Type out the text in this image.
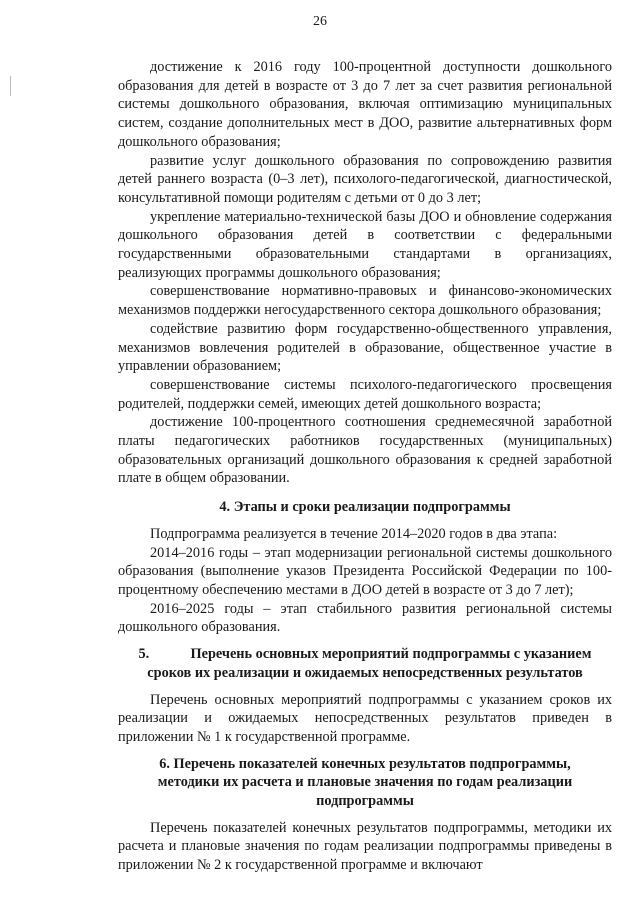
26

достижение к 2016 году 100-процентной доступности дошкольного образования для детей в возрасте от 3 до 7 лет за счет развития региональной системы дошкольного образования, включая оптимизацию муниципальных систем, создание дополнительных мест в ДОО, развитие альтернативных форм дошкольного образования;

развитие услуг дошкольного образования по сопровождению развития детей раннего возраста (0–3 лет), психолого-педагогической, диагностической, консультативной помощи родителям с детьми от 0 до 3 лет;

укрепление материально-технической базы ДОО и обновление содержания дошкольного образования детей в соответствии с федеральными государственными образовательными стандартами в организациях, реализующих программы дошкольного образования;

совершенствование нормативно-правовых и финансово-экономических механизмов поддержки негосударственного сектора дошкольного образования;

содействие развитию форм государственно-общественного управления, механизмов вовлечения родителей в образование, общественное участие в управлении образованием;

совершенствование системы психолого-педагогического просвещения родителей, поддержки семей, имеющих детей дошкольного возраста;

достижение 100-процентного соотношения среднемесячной заработной платы педагогических работников государственных (муниципальных) образовательных организаций дошкольного образования к средней заработной плате в общем образовании.

4. Этапы и сроки реализации подпрограммы

Подпрограмма реализуется в течение 2014–2020 годов в два этапа:

2014–2016 годы – этап модернизации региональной системы дошкольного образования (выполнение указов Президента Российской Федерации по 100-процентному обеспечению местами в ДОО детей в возрасте от 3 до 7 лет);

2016–2025 годы – этап стабильного развития региональной системы дошкольного образования.

5.	Перечень основных мероприятий подпрограммы с указанием
сроков их реализации и ожидаемых непосредственных результатов

Перечень основных мероприятий подпрограммы с указанием сроков их реализации и ожидаемых непосредственных результатов приведен в приложении № 1 к государственной программе.

6. Перечень показателей конечных результатов подпрограммы,
методики их расчета и плановые значения по годам реализации
подпрограммы

Перечень показателей конечных результатов подпрограммы, методики их расчета и плановые значения по годам реализации подпрограммы приведены в приложении № 2 к государственной программе и включают
